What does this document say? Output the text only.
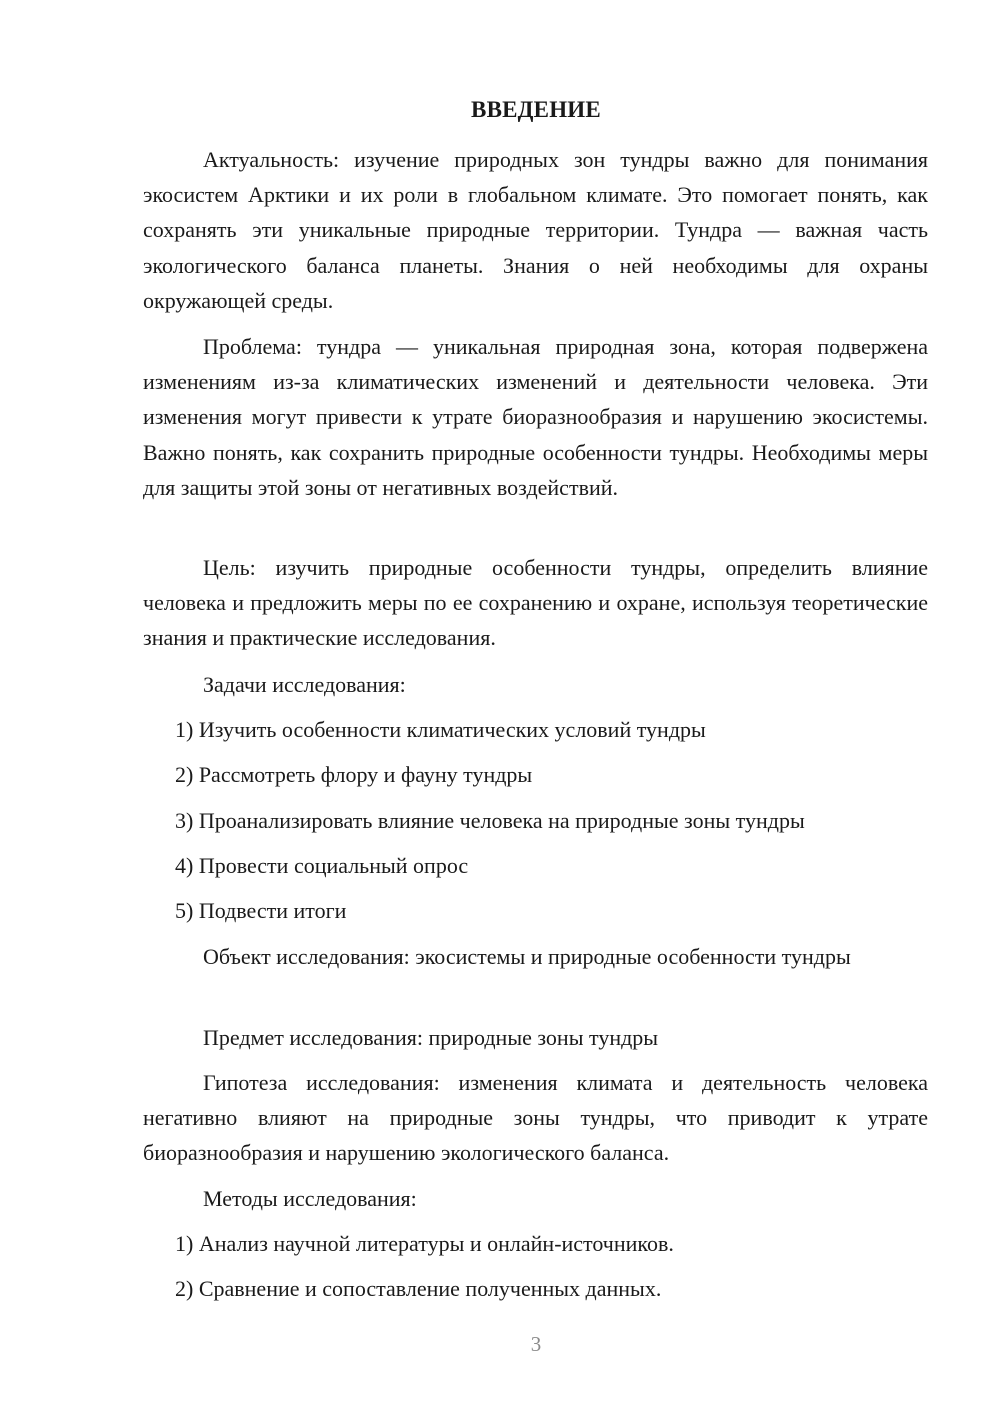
ВВЕДЕНИЕ

Актуальность: изучение природных зон тундры важно для понимания экосистем Арктики и их роли в глобальном климате. Это помогает понять, как сохранять эти уникальные природные территории. Тундра — важная часть экологического баланса планеты. Знания о ней необходимы для охраны окружающей среды.

Проблема: тундра — уникальная природная зона, которая подвержена изменениям из-за климатических изменений и деятельности человека. Эти изменения могут привести к утрате биоразнообразия и нарушению экосистемы. Важно понять, как сохранить природные особенности тундры. Необходимы меры для защиты этой зоны от негативных воздействий.

Цель: изучить природные особенности тундры, определить влияние человека и предложить меры по ее сохранению и охране, используя теоретические знания и практические исследования.

Задачи исследования:

1) Изучить особенности климатических условий тундры
2) Рассмотреть флору и фауну тундры
3) Проанализировать влияние человека на природные зоны тундры
4) Провести социальный опрос
5) Подвести итоги

Объект исследования: экосистемы и природные особенности тундры

Предмет исследования: природные зоны тундры

Гипотеза исследования: изменения климата и деятельность человека негативно влияют на природные зоны тундры, что приводит к утрате биоразнообразия и нарушению экологического баланса.

Методы исследования:

1) Анализ научной литературы и онлайн-источников.
2) Сравнение и сопоставление полученных данных.
3
